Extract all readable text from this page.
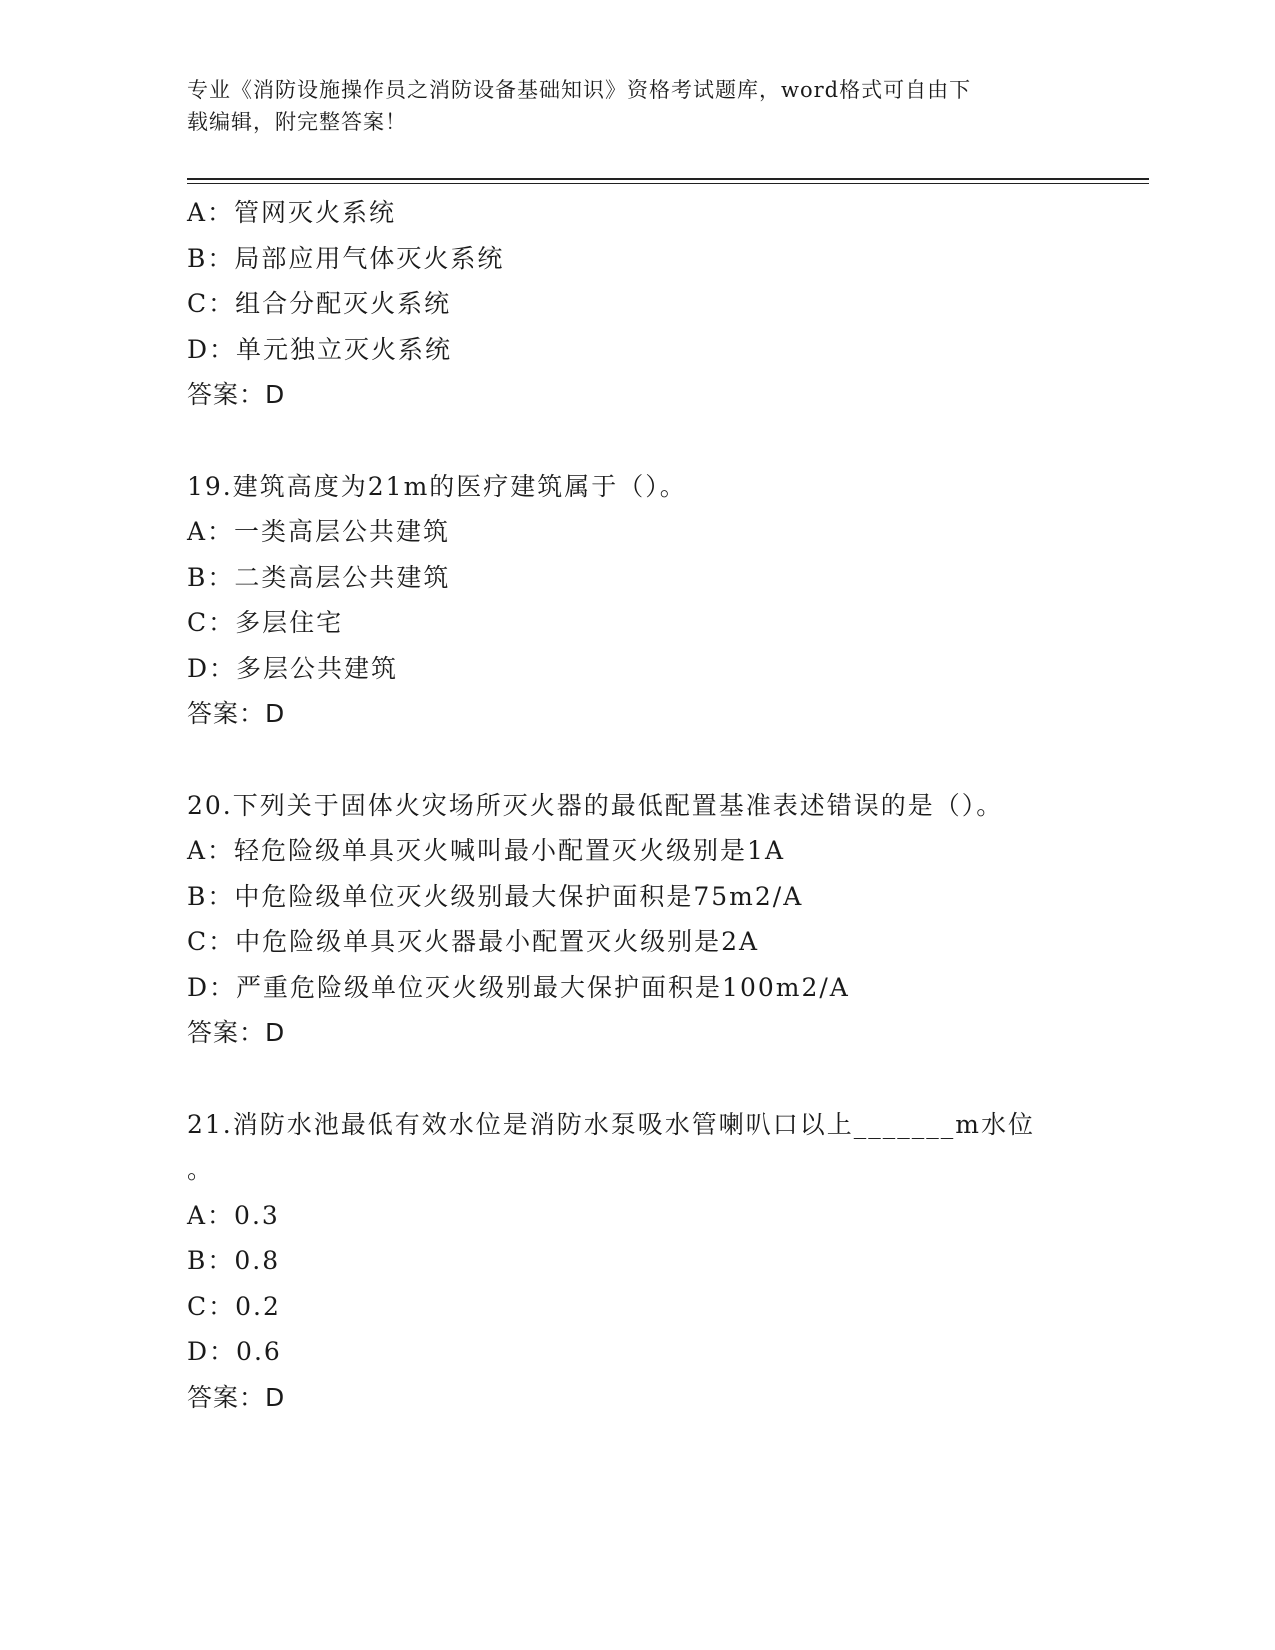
专业《消防设施操作员之消防设备基础知识》资格考试题库，word格式可自由下
载编辑，附完整答案！
A：管网灭火系统
B：局部应用气体灭火系统
C：组合分配灭火系统
D：单元独立灭火系统
答案：D
19.建筑高度为21m的医疗建筑属于（）。
A：一类高层公共建筑
B：二类高层公共建筑
C：多层住宅
D：多层公共建筑
答案：D
20.下列关于固体火灾场所灭火器的最低配置基准表述错误的是（）。
A：轻危险级单具灭火喊叫最小配置灭火级别是1A
B：中危险级单位灭火级别最大保护面积是75m2/A
C：中危险级单具灭火器最小配置灭火级别是2A
D：严重危险级单位灭火级别最大保护面积是100m2/A
答案：D
21.消防水池最低有效水位是消防水泵吸水管喇叭口以上_______m水位
。
A：0.3
B：0.8
C：0.2
D：0.6
答案：D
